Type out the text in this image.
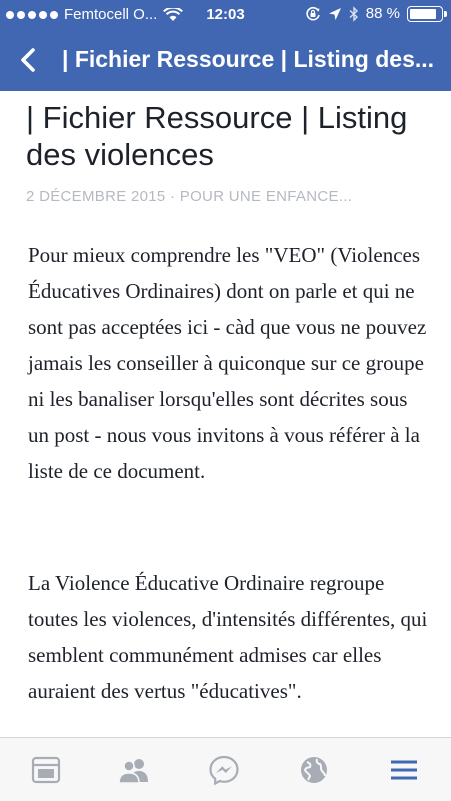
Femtocell O...	12:03	88 %
| Fichier Ressource | Listing des...
| Fichier Ressource | Listing des violences
2 DÉCEMBRE 2015 · POUR UNE ENFANCE...

Pour mieux comprendre les "VEO" (Violences Éducatives Ordinaires) dont on parle et qui ne sont pas acceptées ici - càd que vous ne pouvez jamais les conseiller à quiconque sur ce groupe ni les banaliser lorsqu'elles sont décrites sous un post - nous vous invitons à vous référer à la liste de ce document.

La Violence Éducative Ordinaire regroupe toutes les violences, d'intensités différentes, qui semblent communément admises car elles auraient des vertus "éducatives".
